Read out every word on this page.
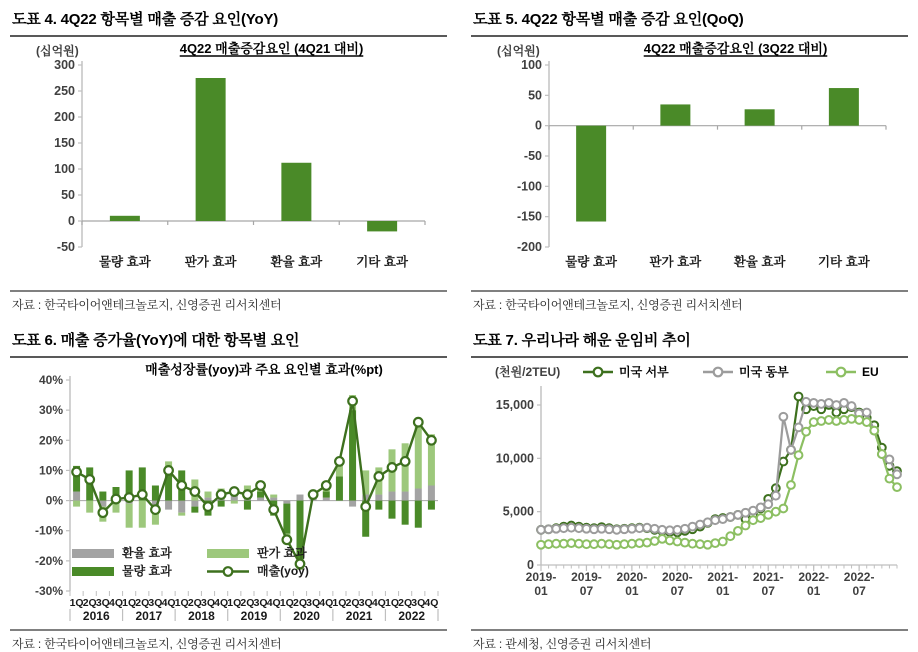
도표 4. 4Q22 항목별 매출 증감 요인(YoY)
4Q22 매출증감요인 (4Q21 대비)
(십억원)
300
250
200
150
100
50
0
-50
물량 효과	판가 효과	환율 효과	기타 효과
자료 : 한국타이어앤테크놀로지, 신영증권 리서치센터
도표 5. 4Q22 항목별 매출 증감 요인(QoQ)
4Q22 매출증감요인 (3Q22 대비)
(십억원)
100
50
0
-50
-100
-150
-200
물량 효과	판가 효과	환율 효과	기타 효과
자료 : 한국타이어앤테크놀로지, 신영증권 리서치센터
도표 6. 매출 증가율(YoY)에 대한 항목별 요인
매출성장률(yoy)과 주요 요인별 효과(%pt)
40%
30%
20%
10%
0%
-10%
-20%
-30%
1Q 2Q 3Q 4Q 1Q 2Q 3Q 4Q 1Q 2Q 3Q 4Q 1Q 2Q 3Q 4Q 1Q 2Q 3Q 4Q 1Q 2Q 3Q 4Q 1Q 2Q 3Q 4Q
2016 2017 2018 2019 2020 2021 2022
환율 효과	판가 효과
물량 효과	매출(yoy)
자료 : 한국타이어앤테크놀로지, 신영증권 리서치센터
도표 7. 우리나라 해운 운임비 추이
(천원/2TEU)	미국 서부	미국 동부	EU
0
5,000
10,000
15,000
2019-
01
2019-
07
2020-
01
2020-
07
2021-
01
2021-
07
2022-
01
2022-
07
자료 : 관세청, 신영증권 리서치센터
